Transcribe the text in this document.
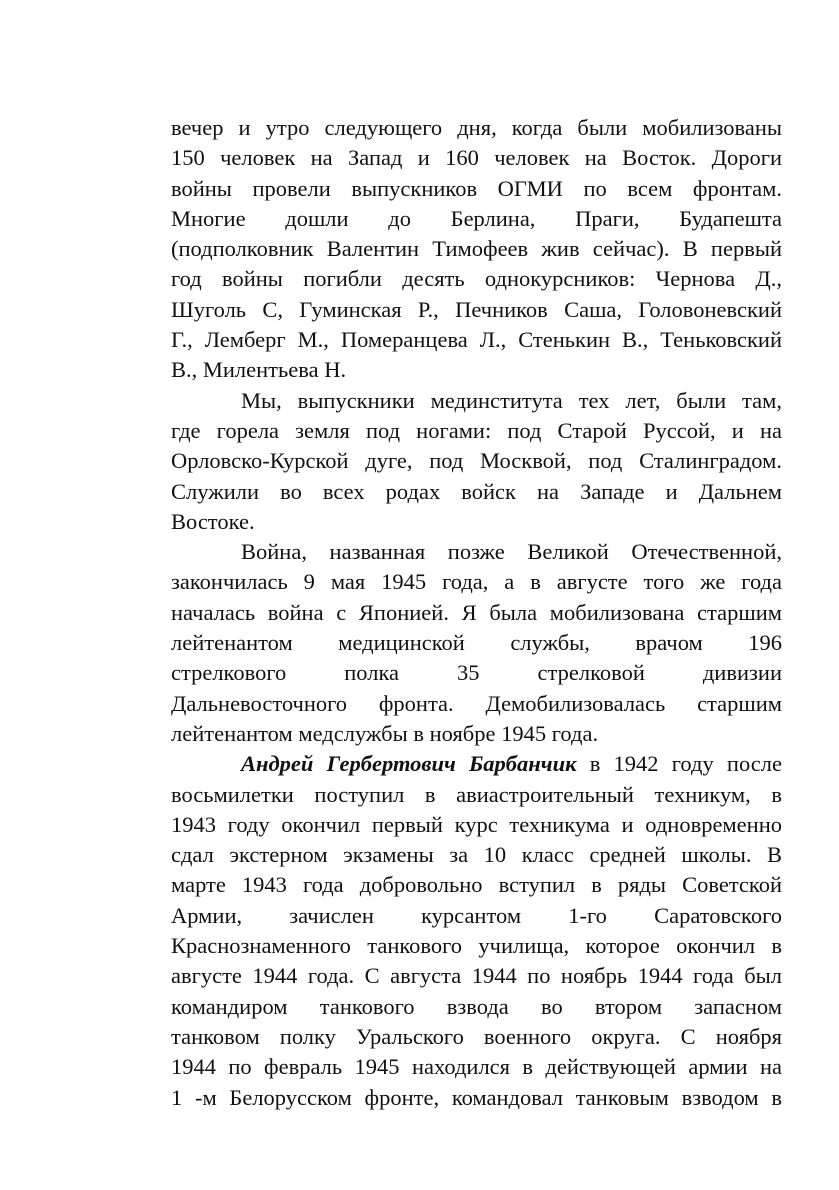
вечер и утро следующего дня, когда были мобилизованы
150 человек на Запад и 160 человек на Восток. Дороги
войны провели выпускников ОГМИ по всем фронтам.
Многие дошли до Берлина, Праги, Будапешта
(подполковник Валентин Тимофеев жив сейчас). В первый
год войны погибли десять однокурсников: Чернова Д.,
Шуголь С, Гуминская Р., Печников Саша, Головоневский
Г., Лемберг М., Померанцева Л., Стенькин В., Теньковский
В., Милентьева Н.
Мы, выпускники мединститута тех лет, были там,
где горела земля под ногами: под Старой Руссой, и на
Орловско-Курской дуге, под Москвой, под Сталинградом.
Служили во всех родах войск на Западе и Дальнем
Востоке.
Война, названная позже Великой Отечественной,
закончилась 9 мая 1945 года, а в августе того же года
началась война с Японией. Я была мобилизована старшим
лейтенантом медицинской службы, врачом 196
стрелкового полка 35 стрелковой дивизии
Дальневосточного фронта. Демобилизовалась старшим
лейтенантом медслужбы в ноябре 1945 года.
Андрей Гербертович Барбанчик в 1942 году после
восьмилетки поступил в авиастроительный техникум, в
1943 году окончил первый курс техникума и одновременно
сдал экстерном экзамены за 10 класс средней школы. В
марте 1943 года добровольно вступил в ряды Советской
Армии, зачислен курсантом 1-го Саратовского
Краснознаменного танкового училища, которое окончил в
августе 1944 года. С августа 1944 по ноябрь 1944 года был
командиром танкового взвода во втором запасном
танковом полку Уральского военного округа. С ноября
1944 по февраль 1945 находился в действующей армии на
1 -м Белорусском фронте, командовал танковым взводом в
